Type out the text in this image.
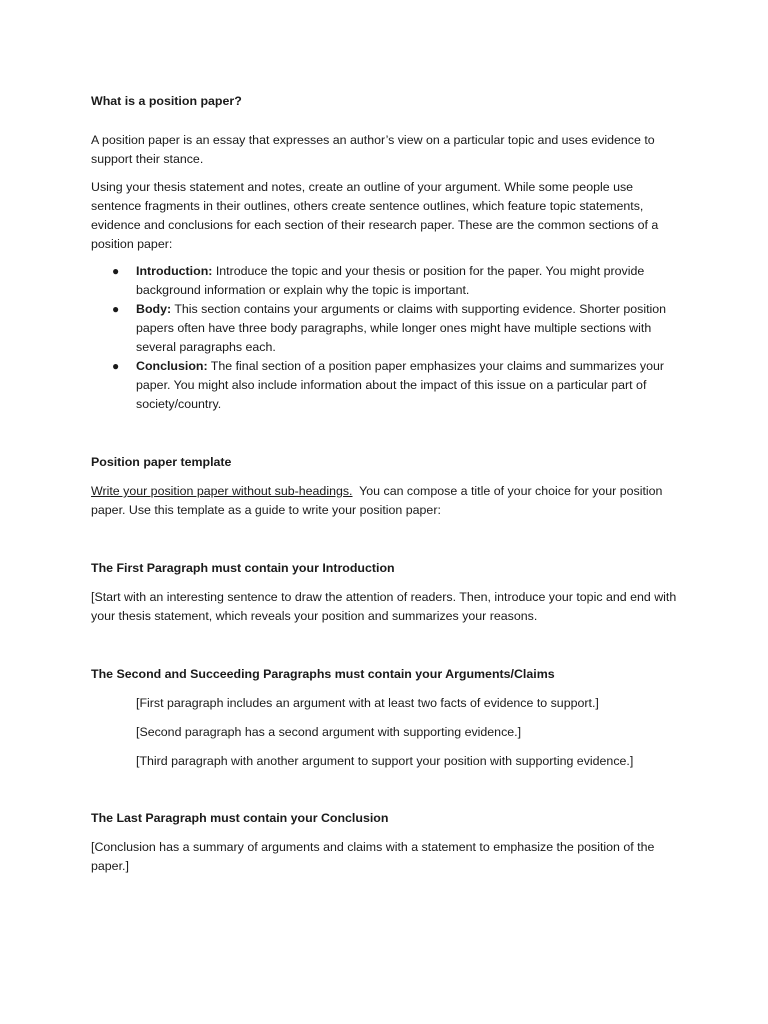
What is a position paper?

A position paper is an essay that expresses an author’s view on a particular topic and uses evidence to support their stance.

Using your thesis statement and notes, create an outline of your argument. While some people use sentence fragments in their outlines, others create sentence outlines, which feature topic statements, evidence and conclusions for each section of their research paper. These are the common sections of a position paper:

● Introduction: Introduce the topic and your thesis or position for the paper. You might provide background information or explain why the topic is important.
● Body: This section contains your arguments or claims with supporting evidence. Shorter position papers often have three body paragraphs, while longer ones might have multiple sections with several paragraphs each.
● Conclusion: The final section of a position paper emphasizes your claims and summarizes your paper. You might also include information about the impact of this issue on a particular part of society/country.

Position paper template

Write your position paper without sub-headings.  You can compose a title of your choice for your position paper. Use this template as a guide to write your position paper:

The First Paragraph must contain your Introduction

[Start with an interesting sentence to draw the attention of readers. Then, introduce your topic and end with your thesis statement, which reveals your position and summarizes your reasons.

The Second and Succeeding Paragraphs must contain your Arguments/Claims

[First paragraph includes an argument with at least two facts of evidence to support.]

[Second paragraph has a second argument with supporting evidence.]

[Third paragraph with another argument to support your position with supporting evidence.]

The Last Paragraph must contain your Conclusion

[Conclusion has a summary of arguments and claims with a statement to emphasize the position of the paper.]
